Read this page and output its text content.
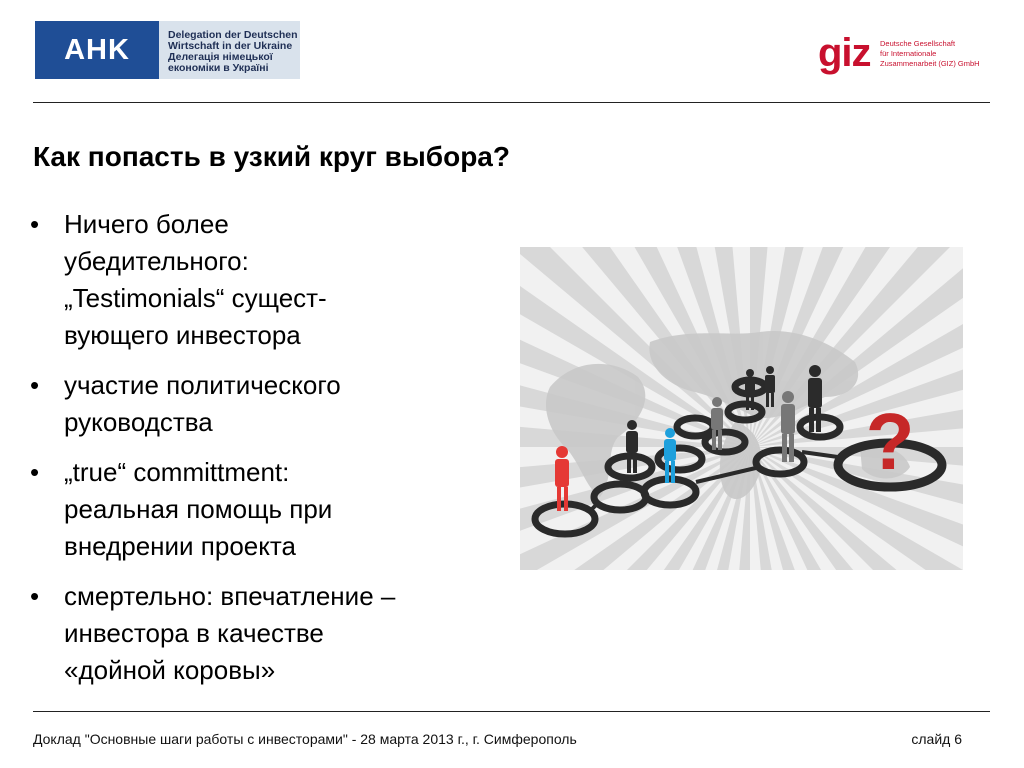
AHK	Delegation der Deutschen
Wirtschaft in der Ukraine
Делегація німецької
економіки в Україні	giz Deutsche Gesellschaft
für Internationale
Zusammenarbeit (GIZ) GmbH
Как попасть в узкий круг выбора?
• Ничего более
убедительного:
„Testimonials“ сущест-
вующего инвестора
• участие политического
руководства
• „true“ committment:
реальная помощь при
внедрении проекта
• смертельно: впечатление –
инвестора в качестве
«дойной коровы»
?
Доклад "Основные шаги работы с инвесторами" - 28 марта 2013 г., г. Симферополь	слайд 6
